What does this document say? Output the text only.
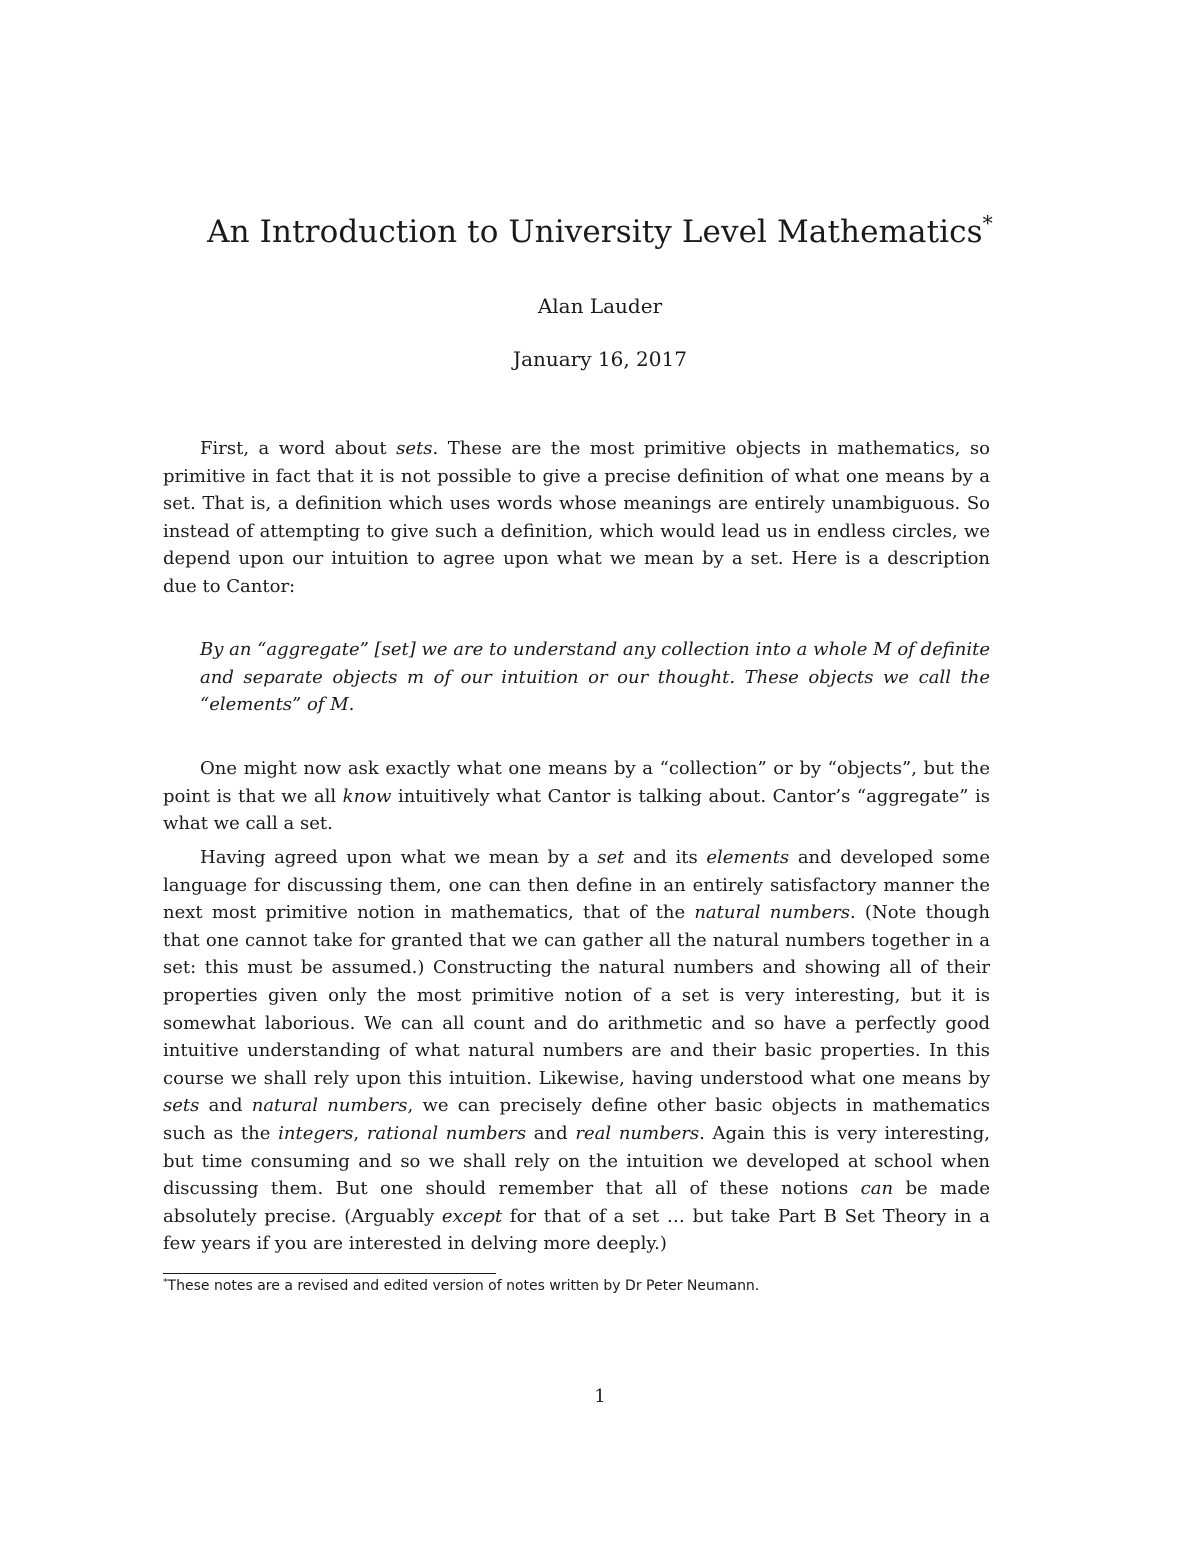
An Introduction to University Level Mathematics*
Alan Lauder
January 16, 2017
First, a word about sets. These are the most primitive objects in mathematics, so primitive in fact that it is not possible to give a precise definition of what one means by a set. That is, a definition which uses words whose meanings are entirely unambiguous. So instead of attempting to give such a definition, which would lead us in endless circles, we depend upon our intuition to agree upon what we mean by a set. Here is a description due to Cantor:
By an “aggregate” [set] we are to understand any collection into a whole M of definite and separate objects m of our intuition or our thought. These objects we call the “elements” of M.
One might now ask exactly what one means by a “collection” or by “objects”, but the point is that we all know intuitively what Cantor is talking about. Cantor’s “aggregate” is what we call a set.
Having agreed upon what we mean by a set and its elements and developed some language for discussing them, one can then define in an entirely satisfactory manner the next most primitive notion in mathematics, that of the natural numbers. (Note though that one cannot take for granted that we can gather all the natural numbers together in a set: this must be assumed.) Constructing the natural numbers and showing all of their properties given only the most primitive notion of a set is very interesting, but it is somewhat laborious. We can all count and do arithmetic and so have a perfectly good intuitive understanding of what natural numbers are and their basic properties. In this course we shall rely upon this intuition. Likewise, having understood what one means by sets and natural numbers, we can precisely define other basic objects in mathematics such as the integers, rational numbers and real numbers. Again this is very interesting, but time consuming and so we shall rely on the intuition we developed at school when discussing them. But one should remember that all of these notions can be made absolutely precise. (Arguably except for that of a set … but take Part B Set Theory in a few years if you are interested in delving more deeply.)
*These notes are a revised and edited version of notes written by Dr Peter Neumann.
1
